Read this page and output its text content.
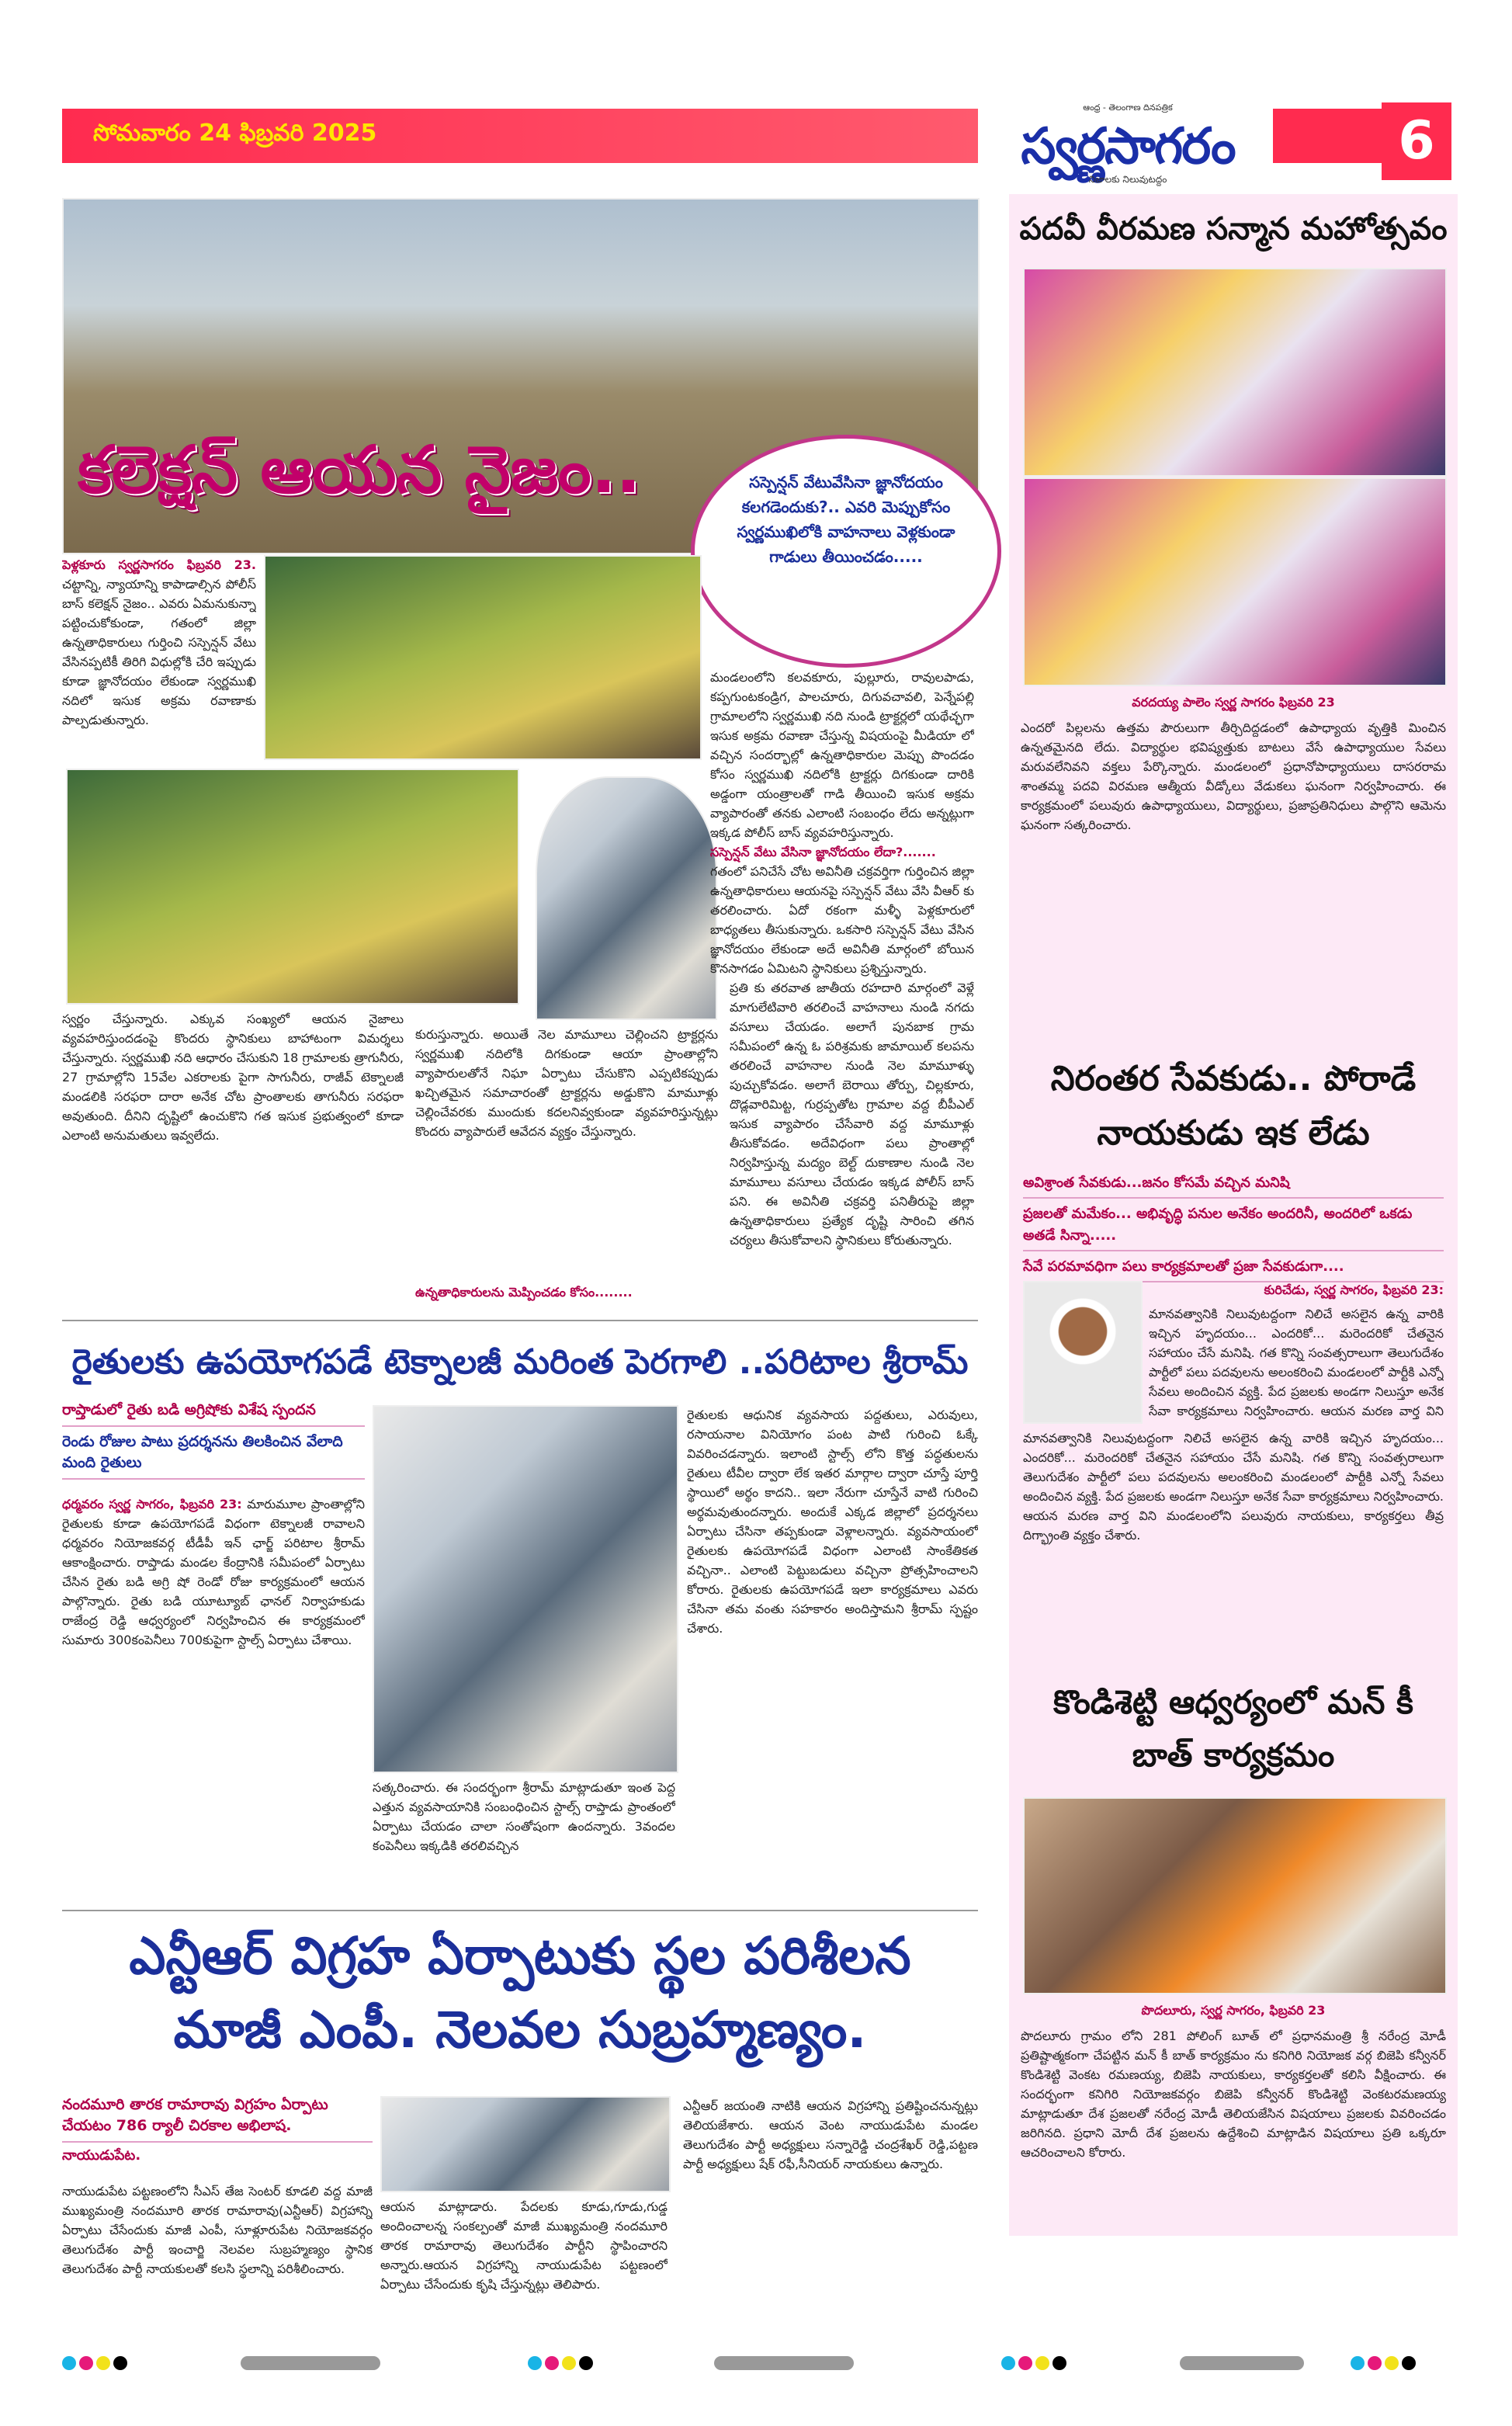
సోమవారం 24 ఫిబ్రవరి 2025
ఆంధ్ర - తెలంగాణ దినపత్రిక
స్వర్ణసాగరం
నిజాలకు నిలువుటద్దం
6
కలెక్షన్ ఆయన నైజం..	సస్పెన్షన్ వేటువేసినా జ్ఞానోదయం కలగడెందుకు?.. ఎవరి మెప్పుకోసం స్వర్ణముఖిలోకి వాహనాలు వెళ్లకుండా గాడులు తీయించడం.....
పెళ్లకూరు స్వర్ణసాగరం ఫిబ్రవరి 23. చట్టాన్ని, న్యాయాన్ని కాపాడాల్సిన పోలీస్ బాస్ కలెక్షన్ నైజం.. ఎవరు ఏమనుకున్నా పట్టించుకోకుండా, గతంలో జిల్లా ఉన్నతాధికారులు గుర్తించి సస్పెన్షన్ వేటు వేసినప్పటికీ తిరిగి విధుల్లోకి చేరి ఇప్పుడు కూడా జ్ఞానోదయం లేకుండా స్వర్ణముఖి నదిలో ఇసుక అక్రమ రవాణాకు పాల్పడుతున్నారు.
మండలంలోని కలవకూరు, పుల్లూరు, రావులపాడు, కప్పగుంటకండ్రిగ, పాలచూరు, దిగువచావలి, పెన్నేపల్లి గ్రామాలలోని స్వర్ణముఖి నది నుండి ట్రాక్టర్లలో యథేచ్ఛగా ఇసుక అక్రమ రవాణా చేస్తున్న విషయంపై మీడియా లో వచ్చిన సందర్భాల్లో ఉన్నతాధికారుల మెప్పు పొందడం కోసం స్వర్ణముఖి నదిలోకి ట్రాక్టర్లు దిగకుండా దారికి అడ్డంగా యంత్రాలతో గాడి తీయించి ఇసుక అక్రమ వ్యాపారంతో తనకు ఎలాంటి సంబంధం లేదు అన్నట్లుగా ఇక్కడ పోలీస్ బాస్ వ్యవహరిస్తున్నారు.
సస్పెన్షన్ వేటు వేసినా జ్ఞానోదయం లేదా?.......
గతంలో పనిచేసే చోట అవినీతి చక్రవర్తిగా గుర్తించిన జిల్లా ఉన్నతాధికారులు ఆయనపై సస్పెన్షన్ వేటు వేసి వీఆర్ కు తరలించారు. ఏదో రకంగా మళ్ళీ పెళ్లకూరులో బాధ్యతలు తీసుకున్నారు. ఒకసారి సస్పెన్షన్ వేటు వేసిన జ్ఞానోదయం లేకుండా అదే అవినీతి మార్గంలో బోయిన కొనసాగడం ఏమిటని స్థానికులు ప్రశ్నిస్తున్నారు.
ప్రతి కు తరవాత జాతీయ రహదారి మార్గంలో వెళ్లే మాగులేటివారి తరలించే వాహనాలు నుండి నగదు వసూలు చేయడం. అలాగే పునబాక గ్రామ సమీపంలో ఉన్న ఓ పరిశ్రమకు జామాయిల్ కలపను తరలించే వాహనాల నుండి నెల మామూళ్ళు పుచ్చుకోవడం. అలాగే బెరాయి తోర్పు, చిల్లకూరు, దొడ్లవారిమిట్ట, గుర్రప్పతోట గ్రామాల వద్ద బీపీఎల్ ఇసుక వ్యాపారం చేసేవారి వద్ద మామూళ్లు తీసుకోవడం. అదేవిధంగా పలు ప్రాంతాల్లో నిర్వహిస్తున్న మద్యం బెల్ట్ దుకాణాల నుండి నెల మామూలు వసూలు చేయడం ఇక్కడ పోలీస్ బాస్ పని. ఈ అవినీతి చక్రవర్తి పనితీరుపై జిల్లా ఉన్నతాధికారులు ప్రత్యేక దృష్టి సారించి తగిన చర్యలు తీసుకోవాలని స్థానికులు కోరుతున్నారు.
స్వర్ణం చేస్తున్నారు. ఎక్కువ సంఖ్యలో ఆయన నైజాలు వ్యవహరిస్తుందడంపై కొందరు స్థానికులు బాహాటంగా విమర్శలు చేస్తున్నారు. స్వర్ణముఖి నది ఆధారం చేసుకుని 18 గ్రామాలకు త్రాగునీరు, 27 గ్రామాల్లోని 15వేల ఎకరాలకు పైగా సాగునీరు, రాజీవ్ టెక్నాలజీ మండలికి సరఫరా దారా అనేక చోట ప్రాంతాలకు తాగునీరు సరఫరా అవుతుంది. దీనిని దృష్టిలో ఉంచుకొని గత ఇసుక ప్రభుత్వంలో కూడా ఎలాంటి అనుమతులు ఇవ్వలేదు.
కురుస్తున్నారు. అయితే నెల మామూలు చెల్లించని ట్రాక్టర్లను స్వర్ణముఖి నదిలోకి దిగకుండా ఆయా ప్రాంతాల్లోని వ్యాపారులతోనే నిఘా ఏర్పాటు చేసుకొని ఎప్పటికప్పుడు ఖచ్చితమైన సమాచారంతో ట్రాక్టర్లను అడ్డుకొని మామూళ్లు చెల్లించేవరకు ముందుకు కదలనివ్వకుండా వ్యవహరిస్తున్నట్లు కొందరు వ్యాపారులే ఆవేదన వ్యక్తం చేస్తున్నారు.
ఉన్నతాధికారులను మెప్పించడం కోసం........
రైతులకు ఉపయోగపడే టెక్నాలజీ మరింత పెరగాలి ..పరిటాల శ్రీరామ్
రాప్తాడులో రైతు బడి అగ్రిషోకు విశేష స్పందన
రెండు రోజుల పాటు ప్రదర్శనను తిలకించిన వేలాది మంది రైతులు
ధర్మవరం స్వర్ణ సాగరం, ఫిబ్రవరి 23: మారుమూల ప్రాంతాల్లోని రైతులకు కూడా ఉపయోగపడే విధంగా టెక్నాలజీ రావాలని ధర్మవరం నియోజకవర్గ టీడీపీ ఇన్ ఛార్జ్ పరిటాల శ్రీరామ్ ఆకాంక్షించారు. రాప్తాడు మండల కేంద్రానికి సమీపంలో ఏర్పాటు చేసిన రైతు బడి అగ్రి షో రెండో రోజు కార్యక్రమంలో ఆయన పాల్గొన్నారు. రైతు బడి యూట్యూబ్ ఛానల్ నిర్వాహకుడు రాజేంద్ర రెడ్డి ఆధ్వర్యంలో నిర్వహించిన ఈ కార్యక్రమంలో సుమారు 300కంపెనీలు 700కుపైగా స్టాల్స్ ఏర్పాటు చేశాయి.
సత్కరించారు. ఈ సందర్భంగా శ్రీరామ్ మాట్లాడుతూ ఇంత పెద్ద ఎత్తున వ్యవసాయానికి సంబంధించిన స్టాల్స్ రాప్తాడు ప్రాంతంలో ఏర్పాటు చేయడం చాలా సంతోషంగా ఉందన్నారు. 3వందల కంపెనీలు ఇక్కడికి తరలివచ్చిన
రైతులకు ఆధునిక వ్యవసాయ పద్దతులు, ఎరువులు, రసాయనాల వినియోగం పంట పాటి గురించి ఓక్కే వివరించడన్నారు. ఇలాంటి స్టాల్స్ లోని కొత్త పద్ధతులను రైతులు టీవీల ద్వారా లేక ఇతర మార్గాల ద్వారా చూస్తే పూర్తి స్థాయిలో అర్థం కాదని.. ఇలా నేరుగా చూస్తేనే వాటి గురించి అర్థమవుతుందన్నారు. అందుకే ఎక్కడ జిల్లాలో ప్రదర్శనలు ఏర్పాటు చేసినా తప్పకుండా వెళ్లాలన్నారు. వ్యవసాయంలో రైతులకు ఉపయోగపడే విధంగా ఎలాంటి సాంకేతికత వచ్చినా.. ఎలాంటి పెట్టుబడులు వచ్చినా ప్రోత్సహించాలని కోరారు. రైతులకు ఉపయోగపడే ఇలా కార్యక్రమాలు ఎవరు చేసినా తమ వంతు సహకారం అందిస్తామని శ్రీరామ్ స్పష్టం చేశారు.
ఎన్టీఆర్ విగ్రహ ఏర్పాటుకు స్థల పరిశీలన
మాజీ ఎంపీ. నెలవల సుబ్రహ్మణ్యం.
నందమూరి తారక రామారావు విగ్రహం ఏర్పాటు చేయటం 786 ర్యాలీ చిరకాల అభిలాష.
నాయుడుపేట.
నాయుడుపేట పట్టణంలోని సీఎస్ తేజ సెంటర్ కూడలి వద్ద మాజీ ముఖ్యమంత్రి నందమూరి తారక రామారావు(ఎన్టీఆర్) విగ్రహాన్ని ఏర్పాటు చేసేందుకు మాజీ ఎంపీ, సూళ్లూరుపేట నియోజకవర్గం తెలుగుదేశం పార్టీ ఇంచార్జి నెలవల సుబ్రహ్మణ్యం స్థానిక తెలుగుదేశం పార్టీ నాయకులతో కలసి స్థలాన్ని పరిశీలించారు.
ఆయన మాట్లాడారు. పేదలకు కూడు,గూడు,గుడ్డ అందించాలన్న సంకల్పంతో మాజీ ముఖ్యమంత్రి నందమూరి తారక రామారావు తెలుగుదేశం పార్టీని స్థాపించారని అన్నారు.ఆయన విగ్రహాన్ని నాయుడుపేట పట్టణంలో ఏర్పాటు చేసేందుకు కృషి చేస్తున్నట్లు తెలిపారు.
ఎన్టీఆర్ జయంతి నాటికి ఆయన విగ్రహాన్ని ప్రతిష్టించనున్నట్లు తెలియజేశారు. ఆయన వెంట నాయుడుపేట మండల తెలుగుదేశం పార్టీ అధ్యక్షులు సన్నారెడ్డి చంద్రశేఖర్ రెడ్డి,పట్టణ పార్టీ అధ్యక్షులు షేక్ రఫీ,సీనియర్ నాయకులు ఉన్నారు.
పదవీ వీరమణ సన్మాన మహోత్సవం
వరదయ్య పాలెం స్వర్ణ సాగరం ఫిబ్రవరి 23
ఎందరో పిల్లలను ఉత్తమ పౌరులుగా తీర్చిదిద్దడంలో ఉపాధ్యాయ వృత్తికి మించిన ఉన్నతమైనది లేదు. విద్యార్థుల భవిష్యత్తుకు బాటలు వేసే ఉపాధ్యాయుల సేవలు మరువలేనివని వక్తలు పేర్కొన్నారు. మండలంలో ప్రధానోపాధ్యాయులు దాసరరామ శాంతమ్మ పదవి విరమణ ఆత్మీయ వీడ్కోలు వేడుకలు ఘనంగా నిర్వహించారు. ఈ కార్యక్రమంలో పలువురు ఉపాధ్యాయులు, విద్యార్థులు, ప్రజాప్రతినిధులు పాల్గొని ఆమెను ఘనంగా సత్కరించారు.
నిరంతర సేవకుడు.. పోరాడే
నాయకుడు ఇక లేడు
అవిశ్రాంత సేవకుడు...జనం కోసమే వచ్చిన మనిషి
ప్రజలతో మమేకం... అభివృద్ధి పనుల అనేకం అందరినీ, అందరిలో ఒకడు అతడే సిన్నా.....
సేవే పరమావధిగా పలు కార్యక్రమాలతో ప్రజా సేవకుడుగా....
కురిచేడు, స్వర్ణ సాగరం, ఫిబ్రవరి 23:
మానవత్వానికి నిలువుటద్దంగా నిలిచే అసలైన ఉన్న వారికి ఇచ్చిన హృదయం... ఎందరికో... మరెందరికో చేతనైన సహాయం చేసే మనిషి. గత కొన్ని సంవత్సరాలుగా తెలుగుదేశం పార్టీలో పలు పదవులను అలంకరించి మండలంలో పార్టీకి ఎన్నో సేవలు అందించిన వ్యక్తి. పేద ప్రజలకు అండగా నిలుస్తూ అనేక సేవా కార్యక్రమాలు నిర్వహించారు. ఆయన మరణ వార్త విని
మానవత్వానికి నిలువుటద్దంగా నిలిచే అసలైన ఉన్న వారికి ఇచ్చిన హృదయం... ఎందరికో... మరెందరికో చేతనైన సహాయం చేసే మనిషి. గత కొన్ని సంవత్సరాలుగా తెలుగుదేశం పార్టీలో పలు పదవులను అలంకరించి మండలంలో పార్టీకి ఎన్నో సేవలు అందించిన వ్యక్తి. పేద ప్రజలకు అండగా నిలుస్తూ అనేక సేవా కార్యక్రమాలు నిర్వహించారు. ఆయన మరణ వార్త విని మండలంలోని పలువురు నాయకులు, కార్యకర్తలు తీవ్ర దిగ్భ్రాంతి వ్యక్తం చేశారు.
కొండిశెట్టి ఆధ్వర్యంలో మన్ కీ
బాత్ కార్యక్రమం
పొదలూరు, స్వర్ణ సాగరం, ఫిబ్రవరి 23
పొదలూరు గ్రామం లోని 281 పోలింగ్ బూత్ లో ప్రధానమంత్రి శ్రీ నరేంద్ర మోడీ ప్రతిష్టాత్మకంగా చేపట్టిన మన్ కీ బాత్ కార్యక్రమం ను కనిగిరి నియోజక వర్గ బిజెపి కన్వీనర్ కొండిశెట్టి వెంకట రమణయ్య, బిజెపి నాయకులు, కార్యకర్తలతో కలిసి వీక్షించారు. ఈ సందర్భంగా కనిగిరి నియోజకవర్గం బిజెపి కన్వీనర్ కొండిశెట్టి వెంకటరమణయ్య మాట్లాడుతూ దేశ ప్రజలతో నరేంద్ర మోడీ తెలియజేసిన విషయాలు ప్రజలకు వివరించడం జరిగినది. ప్రధాని మోదీ దేశ ప్రజలను ఉద్దేశించి మాట్లాడిన విషయాలు ప్రతి ఒక్కరూ ఆచరించాలని కోరారు.
